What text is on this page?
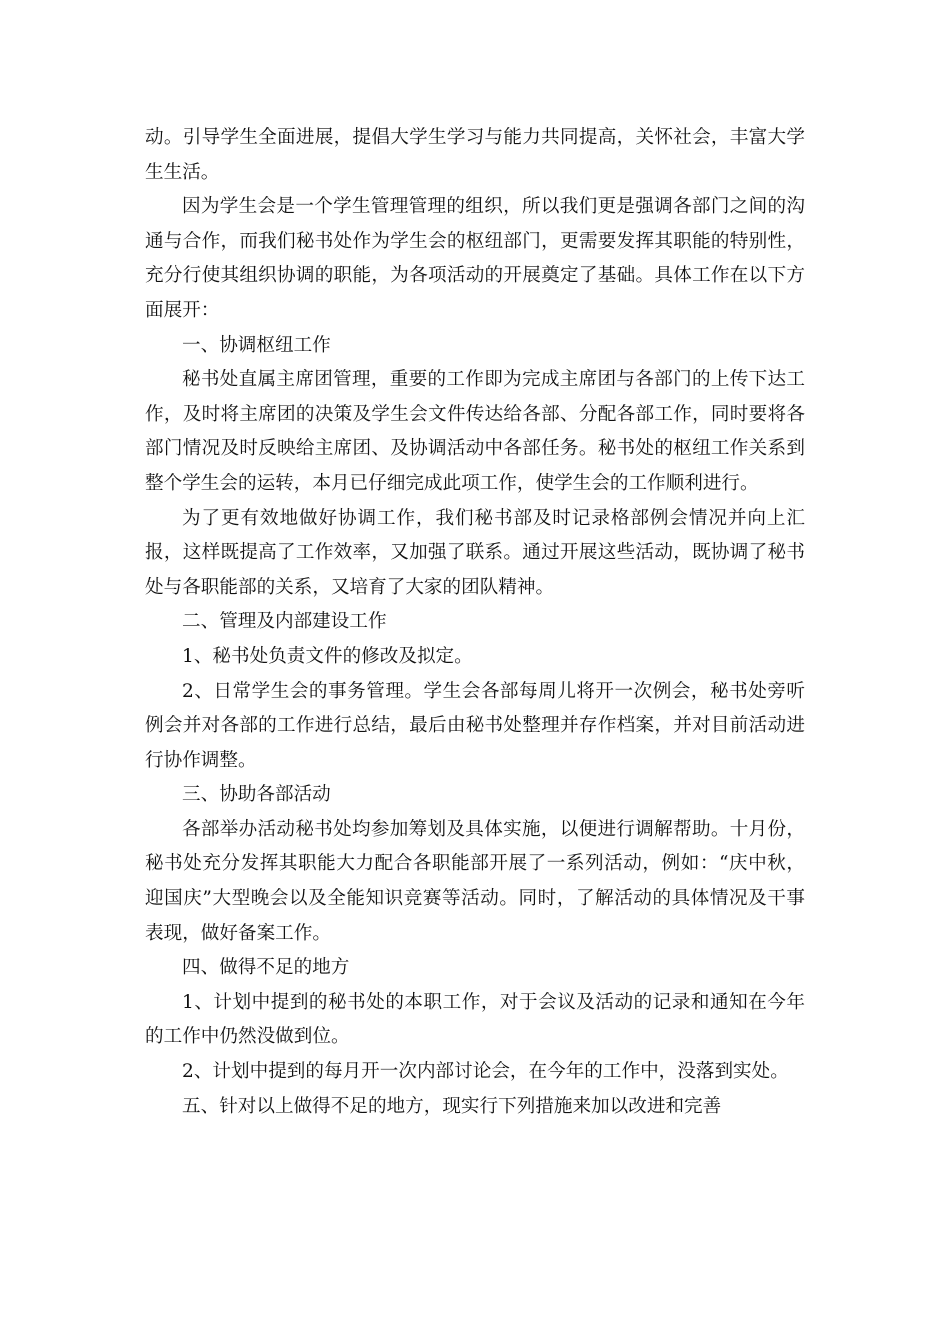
动。引导学生全面进展，提倡大学生学习与能力共同提高，关怀社会，丰富大学生生活。

因为学生会是一个学生管理管理的组织，所以我们更是强调各部门之间的沟通与合作，而我们秘书处作为学生会的枢纽部门，更需要发挥其职能的特别性，充分行使其组织协调的职能，为各项活动的开展奠定了基础。具体工作在以下方面展开：

一、协调枢纽工作

秘书处直属主席团管理，重要的工作即为完成主席团与各部门的上传下达工作，及时将主席团的决策及学生会文件传达给各部、分配各部工作，同时要将各部门情况及时反映给主席团、及协调活动中各部任务。秘书处的枢纽工作关系到整个学生会的运转，本月已仔细完成此项工作，使学生会的工作顺利进行。

为了更有效地做好协调工作，我们秘书部及时记录格部例会情况并向上汇报，这样既提高了工作效率，又加强了联系。通过开展这些活动，既协调了秘书处与各职能部的关系，又培育了大家的团队精神。

二、管理及内部建设工作

1、秘书处负责文件的修改及拟定。

2、日常学生会的事务管理。学生会各部每周儿将开一次例会，秘书处旁听例会并对各部的工作进行总结，最后由秘书处整理并存作档案，并对目前活动进行协作调整。

三、协助各部活动

各部举办活动秘书处均参加筹划及具体实施，以便进行调解帮助。十月份，秘书处充分发挥其职能大力配合各职能部开展了一系列活动，例如：“庆中秋，迎国庆”大型晚会以及全能知识竞赛等活动。同时，了解活动的具体情况及干事表现，做好备案工作。

四、做得不足的地方

1、计划中提到的秘书处的本职工作，对于会议及活动的记录和通知在今年的工作中仍然没做到位。

2、计划中提到的每月开一次内部讨论会，在今年的工作中，没落到实处。

五、针对以上做得不足的地方，现实行下列措施来加以改进和完善
